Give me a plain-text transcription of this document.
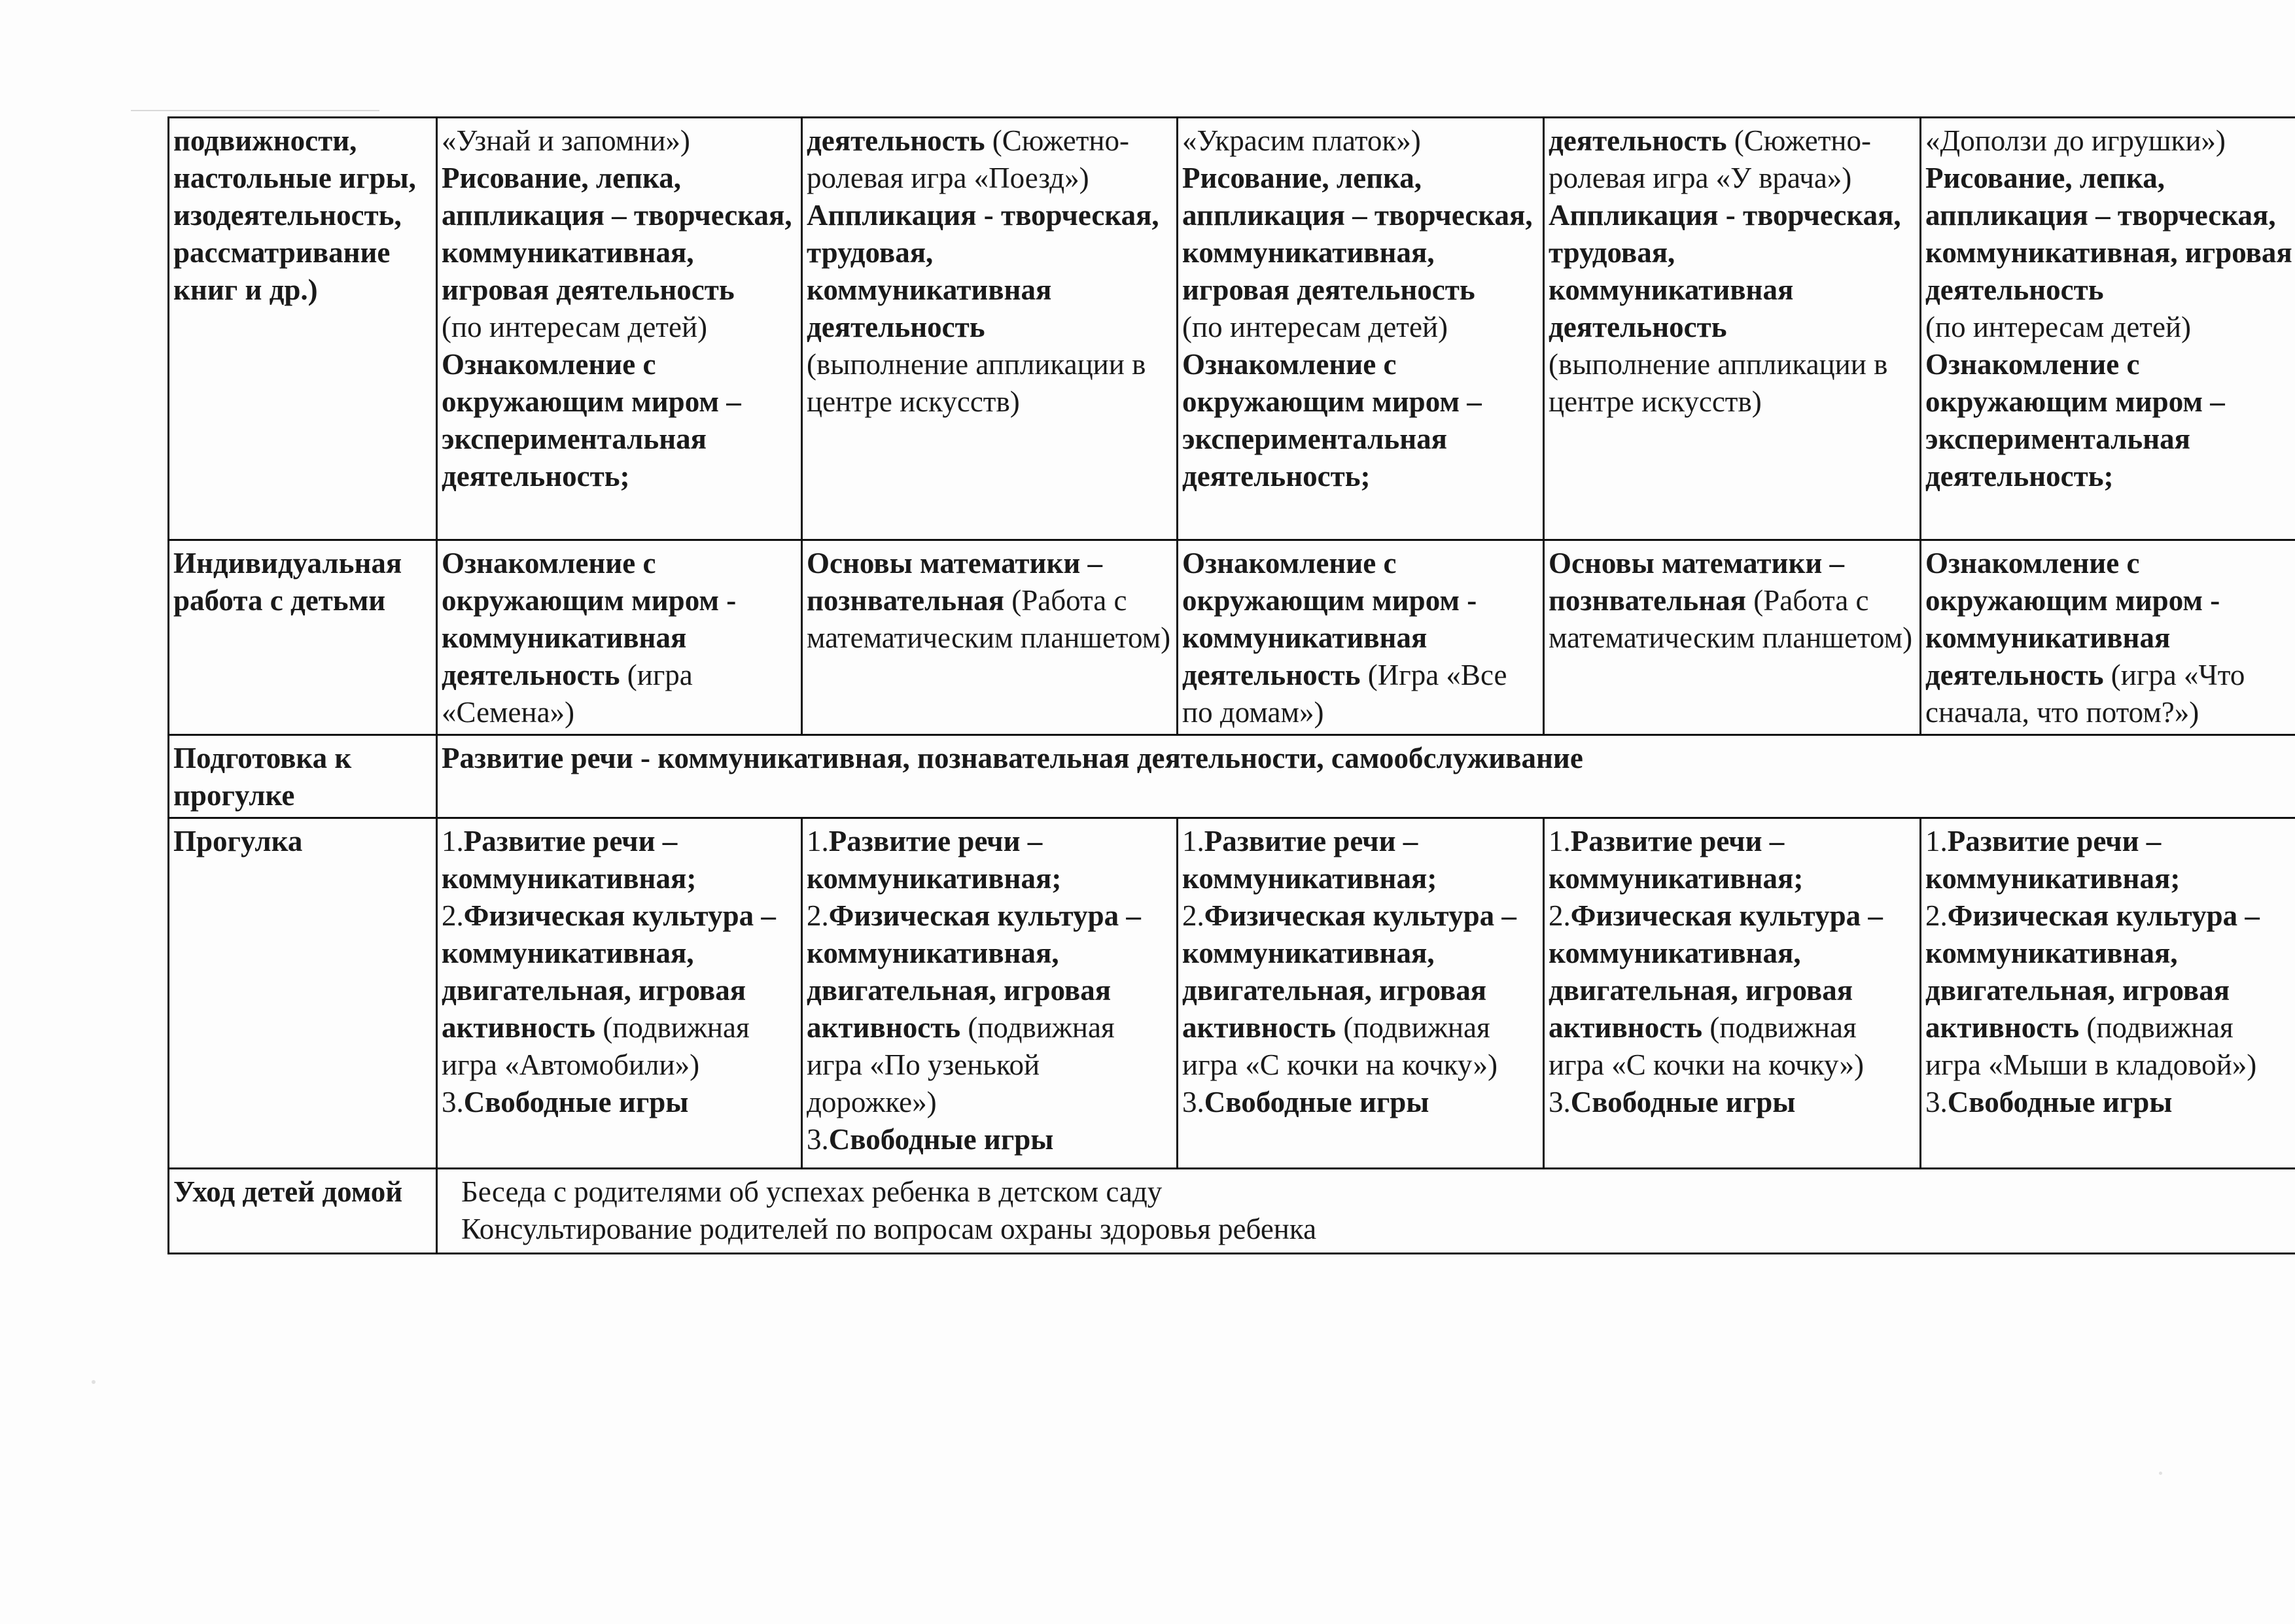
подвижности, настольные игры, изодеятельность, рассматривание книг и др.)	«Узнай и запомни»)
Рисование, лепка, аппликация – творческая, коммуникативная, игровая деятельность
(по интересам детей)
Ознакомление с окружающим миром – экспериментальная деятельность;	деятельность (Сюжетно-ролевая игра «Поезд»)
Аппликация - творческая, трудовая, коммуникативная деятельность
(выполнение аппликации в центре искусств)	«Украсим платок»)
Рисование, лепка, аппликация – творческая, коммуникативная, игровая деятельность
(по интересам детей)
Ознакомление с окружающим миром – экспериментальная деятельность;	деятельность (Сюжетно-ролевая игра «У врача»)
Аппликация - творческая, трудовая, коммуникативная деятельность
(выполнение аппликации в центре искусств)	«Доползи до игрушки»)
Рисование, лепка, аппликация – творческая, коммуникативная, игровая деятельность
(по интересам детей)
Ознакомление с окружающим миром – экспериментальная деятельность;
Индивидуальная работа с детьми	Ознакомление с окружающим миром - коммуникативная деятельность (игра «Семена»)	Основы математики – познвательная (Работа с математическим планшетом)	Ознакомление с окружающим миром - коммуникативная деятельность (Игра «Все по домам»)	Основы математики – познвательная (Работа с математическим планшетом)	Ознакомление с окружающим миром - коммуникативная деятельность (игра «Что сначала, что потом?»)
Подготовка к прогулке	Развитие речи - коммуникативная, познавательная деятельности, самообслуживание				
Прогулка	1.Развитие речи – коммуникативная;
2.Физическая культура – коммуникативная, двигательная, игровая активность (подвижная игра «Автомобили»)
3.Свободные игры	1.Развитие речи – коммуникативная;
2.Физическая культура – коммуникативная, двигательная, игровая активность (подвижная игра «По узенькой дорожке»)
3.Свободные игры	1.Развитие речи – коммуникативная;
2.Физическая культура – коммуникативная, двигательная, игровая активность (подвижная игра «С кочки на кочку»)
3.Свободные игры	1.Развитие речи – коммуникативная;
2.Физическая культура – коммуникативная, двигательная, игровая активность (подвижная игра «С кочки на кочку»)
3.Свободные игры	1.Развитие речи – коммуникативная;
2.Физическая культура – коммуникативная, двигательная, игровая активность (подвижная игра «Мыши в кладовой»)
3.Свободные игры
Уход детей домой	Беседа с родителями об успехах ребенка в детском саду
Консультирование родителей по вопросам охраны здоровья ребенка				
